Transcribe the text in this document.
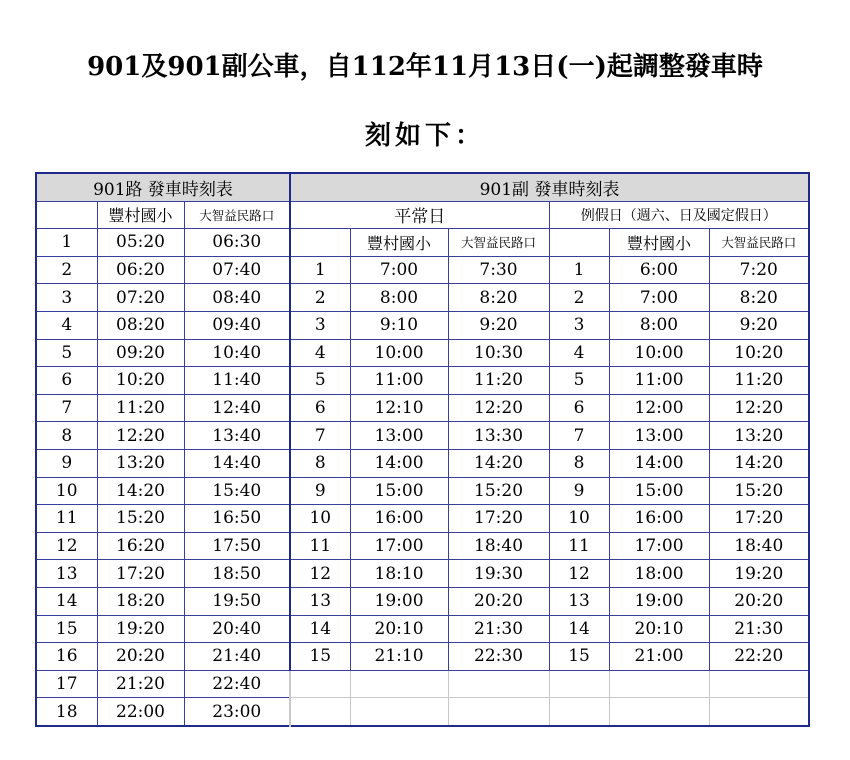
901及901副公車，自112年11月13日(一)起調整發車時
刻如下：
901路 發車時刻表			901副 發車時刻表					
	豐村國小	大智益民路口	平常日			例假日（週六、日及國定假日）		
1	05:20	06:30		豐村國小	大智益民路口		豐村國小	大智益民路口
2	06:20	07:40	1	7:00	7:30	1	6:00	7:20
3	07:20	08:40	2	8:00	8:20	2	7:00	8:20
4	08:20	09:40	3	9:10	9:20	3	8:00	9:20
5	09:20	10:40	4	10:00	10:30	4	10:00	10:20
6	10:20	11:40	5	11:00	11:20	5	11:00	11:20
7	11:20	12:40	6	12:10	12:20	6	12:00	12:20
8	12:20	13:40	7	13:00	13:30	7	13:00	13:20
9	13:20	14:40	8	14:00	14:20	8	14:00	14:20
10	14:20	15:40	9	15:00	15:20	9	15:00	15:20
11	15:20	16:50	10	16:00	17:20	10	16:00	17:20
12	16:20	17:50	11	17:00	18:40	11	17:00	18:40
13	17:20	18:50	12	18:10	19:30	12	18:00	19:20
14	18:20	19:50	13	19:00	20:20	13	19:00	20:20
15	19:20	20:40	14	20:10	21:30	14	20:10	21:30
16	20:20	21:40	15	21:10	22:30	15	21:00	22:20
17	21:20	22:40						
18	22:00	23:00						
